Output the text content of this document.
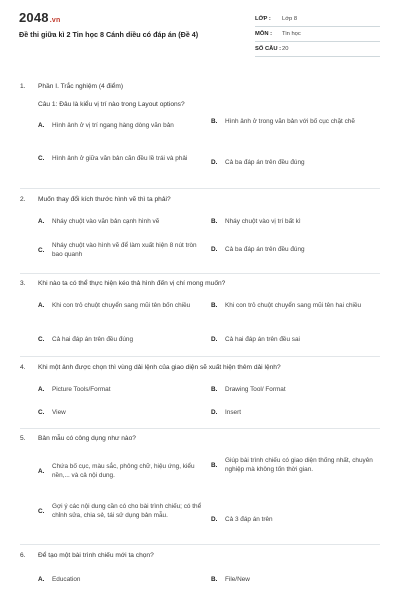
2048.vn
Đề thi giữa kì 2 Tin học 8 Cánh diều có đáp án (Đề 4)
LỚP :	Lớp 8
MÔN :	Tin học
SỐ CÂU : 20
1. Phần I. Trắc nghiệm (4 điểm)
Câu 1: Đâu là kiểu vị trí nào trong Layout options?
A.	Hình ảnh ở vị trí ngang hàng dòng văn bản
B.	Hình ảnh ở trong văn bản với bố cục chặt chẽ
C.	Hình ảnh ở giữa văn bản căn đều lề trái và phải
D.	Cả ba đáp án trên đều đúng
2. Muốn thay đổi kích thước hình vẽ thì ta phải?
A.	Nháy chuột vào văn bản cạnh hình vẽ	B.	Nháy chuột vào vị trí bất kì
C.
Nháy chuột vào hình vẽ để làm xuất hiện 8 nút tròn bao quanh
D.	Cả ba đáp án trên đều đúng
3. Khi nào ta có thể thực hiện kéo thả hình đến vị chí mong muốn?
A.	Khi con trỏ chuột chuyển sang mũi tên bốn chiều	B.	Khi con trỏ chuột chuyển sang mũi tên hai chiều
C.	Cả hai đáp án trên đều đúng	D.	Cả hai đáp án trên đều sai
4. Khi một ảnh được chọn thì vùng dải lệnh của giao diện sẽ xuất hiện thêm dải lệnh?
A.	Picture Tools/Format	B.	Drawing Tool/ Format
C.	View	D.	Insert
5. Bản mẫu có công dụng như nào?
A.
Chứa bố cục, màu sắc, phông chữ, hiệu ứng, kiểu nền,... và cả nội dung.
B.
Giúp bài trình chiếu có giao diện thống nhất, chuyên nghiệp mà không tốn thời gian.
C.
Gợi ý các nội dung cần có cho bài trình chiếu; có thể chỉnh sửa, chia sẻ, tái sử dụng bản mẫu.
D.	Cả 3 đáp án trên
6. Để tạo một bài trình chiếu mới ta chọn?
A.	Education	B.	File/New
